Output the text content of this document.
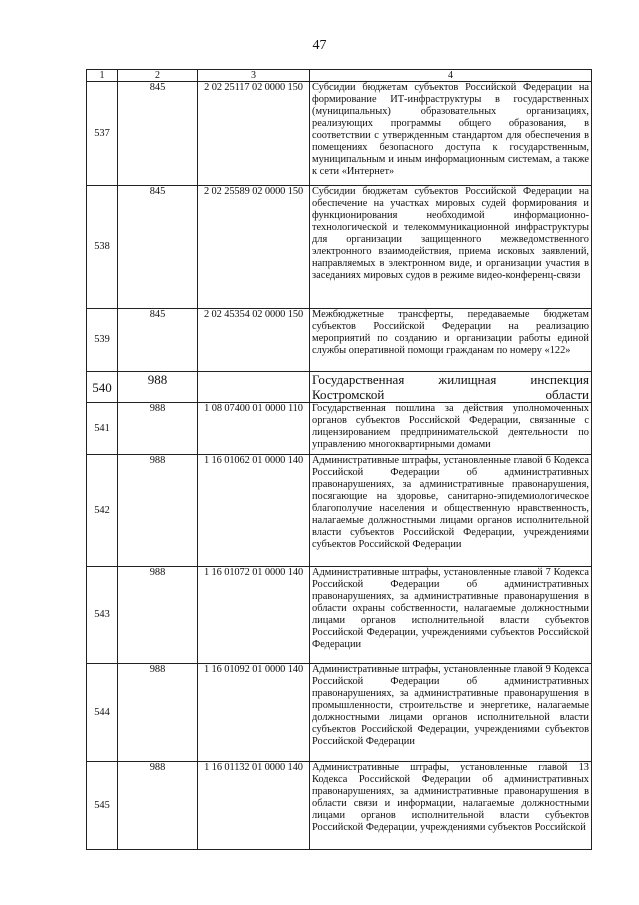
47
1	2	3	4
537	845	2 02 25117 02 0000 150	Субсидии бюджетам субъектов Российской Федерации на формирование ИТ-инфраструктуры в государственных (муниципальных) образовательных организациях, реализующих программы общего образования, в соответствии с утвержденным стандартом для обеспечения в помещениях безопасного доступа к государственным, муниципальным и иным информационным системам, а также к сети «Интернет»
538	845	2 02 25589 02 0000 150	Субсидии бюджетам субъектов Российской Федерации на обеспечение на участках мировых судей формирования и функционирования необходимой информационно-технологической и телекоммуникационной инфраструктуры для организации защищенного межведомственного электронного взаимодействия, приема исковых заявлений, направляемых в электронном виде, и организации участия в заседаниях мировых судов в режиме видео-конференц-связи
539	845	2 02 45354 02 0000 150	Межбюджетные трансферты, передаваемые бюджетам субъектов Российской Федерации на реализацию мероприятий по созданию и организации работы единой службы оперативной помощи гражданам по номеру «122»
540	988		Государственная жилищная инспекция Костромской области
541	988	1 08 07400 01 0000 110	Государственная пошлина за действия уполномоченных органов субъектов Российской Федерации, связанные с лицензированием предпринимательской деятельности по управлению многоквартирными домами
542	988	1 16 01062 01 0000 140	Административные штрафы, установленные главой 6 Кодекса Российской Федерации об административных правонарушениях, за административные правонарушения, посягающие на здоровье, санитарно-эпидемиологическое благополучие населения и общественную нравственность, налагаемые должностными лицами органов исполнительной власти субъектов Российской Федерации, учреждениями субъектов Российской Федерации
543	988	1 16 01072 01 0000 140	Административные штрафы, установленные главой 7 Кодекса Российской Федерации об административных правонарушениях, за административные правонарушения в области охраны собственности, налагаемые должностными лицами органов исполнительной власти субъектов Российской Федерации, учреждениями субъектов Российской Федерации
544	988	1 16 01092 01 0000 140	Административные штрафы, установленные главой 9 Кодекса Российской Федерации об административных правонарушениях, за административные правонарушения в промышленности, строительстве и энергетике, налагаемые должностными лицами органов исполнительной власти субъектов Российской Федерации, учреждениями субъектов Российской Федерации
545	988	1 16 01132 01 0000 140	Административные штрафы, установленные главой 13 Кодекса Российской Федерации об административных правонарушениях, за административные правонарушения в области связи и информации, налагаемые должностными лицами органов исполнительной власти субъектов Российской Федерации, учреждениями субъектов Российской
